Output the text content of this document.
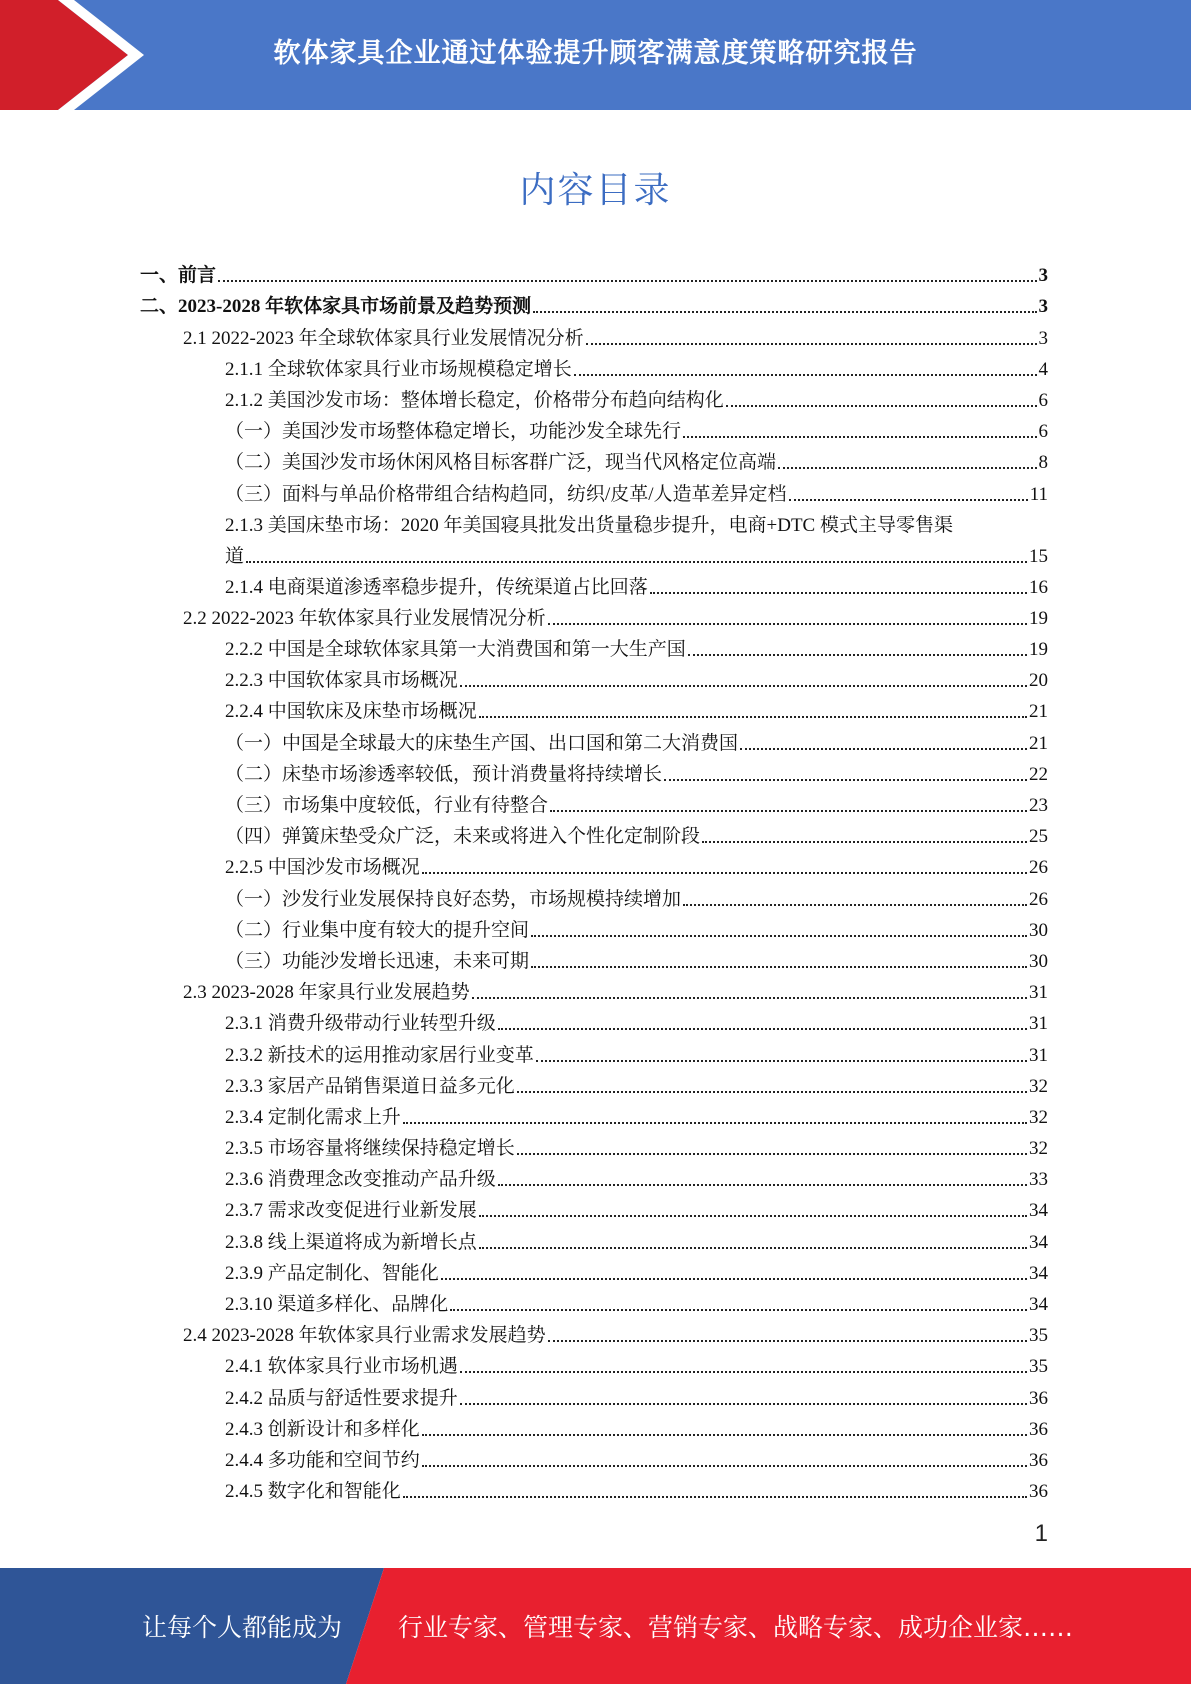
软体家具企业通过体验提升顾客满意度策略研究报告
内容目录
一、前言	3
二、2023-2028 年软体家具市场前景及趋势预测	3
2.1 2022-2023 年全球软体家具行业发展情况分析	3
2.1.1 全球软体家具行业市场规模稳定增长	4
2.1.2 美国沙发市场：整体增长稳定，价格带分布趋向结构化	6
（一）美国沙发市场整体稳定增长，功能沙发全球先行	6
（二）美国沙发市场休闲风格目标客群广泛，现当代风格定位高端	8
（三）面料与单品价格带组合结构趋同，纺织/皮革/人造革差异定档	11
2.1.3 美国床垫市场：2020 年美国寝具批发出货量稳步提升，电商+DTC 模式主导零售渠
道	15
2.1.4 电商渠道渗透率稳步提升，传统渠道占比回落	16
2.2 2022-2023 年软体家具行业发展情况分析	19
2.2.2 中国是全球软体家具第一大消费国和第一大生产国	19
2.2.3 中国软体家具市场概况	20
2.2.4 中国软床及床垫市场概况	21
（一）中国是全球最大的床垫生产国、出口国和第二大消费国	21
（二）床垫市场渗透率较低，预计消费量将持续增长	22
（三）市场集中度较低，行业有待整合	23
（四）弹簧床垫受众广泛，未来或将进入个性化定制阶段	25
2.2.5 中国沙发市场概况	26
（一）沙发行业发展保持良好态势，市场规模持续增加	26
（二）行业集中度有较大的提升空间	30
（三）功能沙发增长迅速，未来可期	30
2.3 2023-2028 年家具行业发展趋势	31
2.3.1 消费升级带动行业转型升级	31
2.3.2 新技术的运用推动家居行业变革	31
2.3.3 家居产品销售渠道日益多元化	32
2.3.4 定制化需求上升	32
2.3.5 市场容量将继续保持稳定增长	32
2.3.6 消费理念改变推动产品升级	33
2.3.7 需求改变促进行业新发展	34
2.3.8 线上渠道将成为新增长点	34
2.3.9 产品定制化、智能化	34
2.3.10 渠道多样化、品牌化	34
2.4 2023-2028 年软体家具行业需求发展趋势	35
2.4.1 软体家具行业市场机遇	35
2.4.2 品质与舒适性要求提升	36
2.4.3 创新设计和多样化	36
2.4.4 多功能和空间节约	36
2.4.5 数字化和智能化	36
1
让每个人都能成为 行业专家、管理专家、营销专家、战略专家、成功企业家……
